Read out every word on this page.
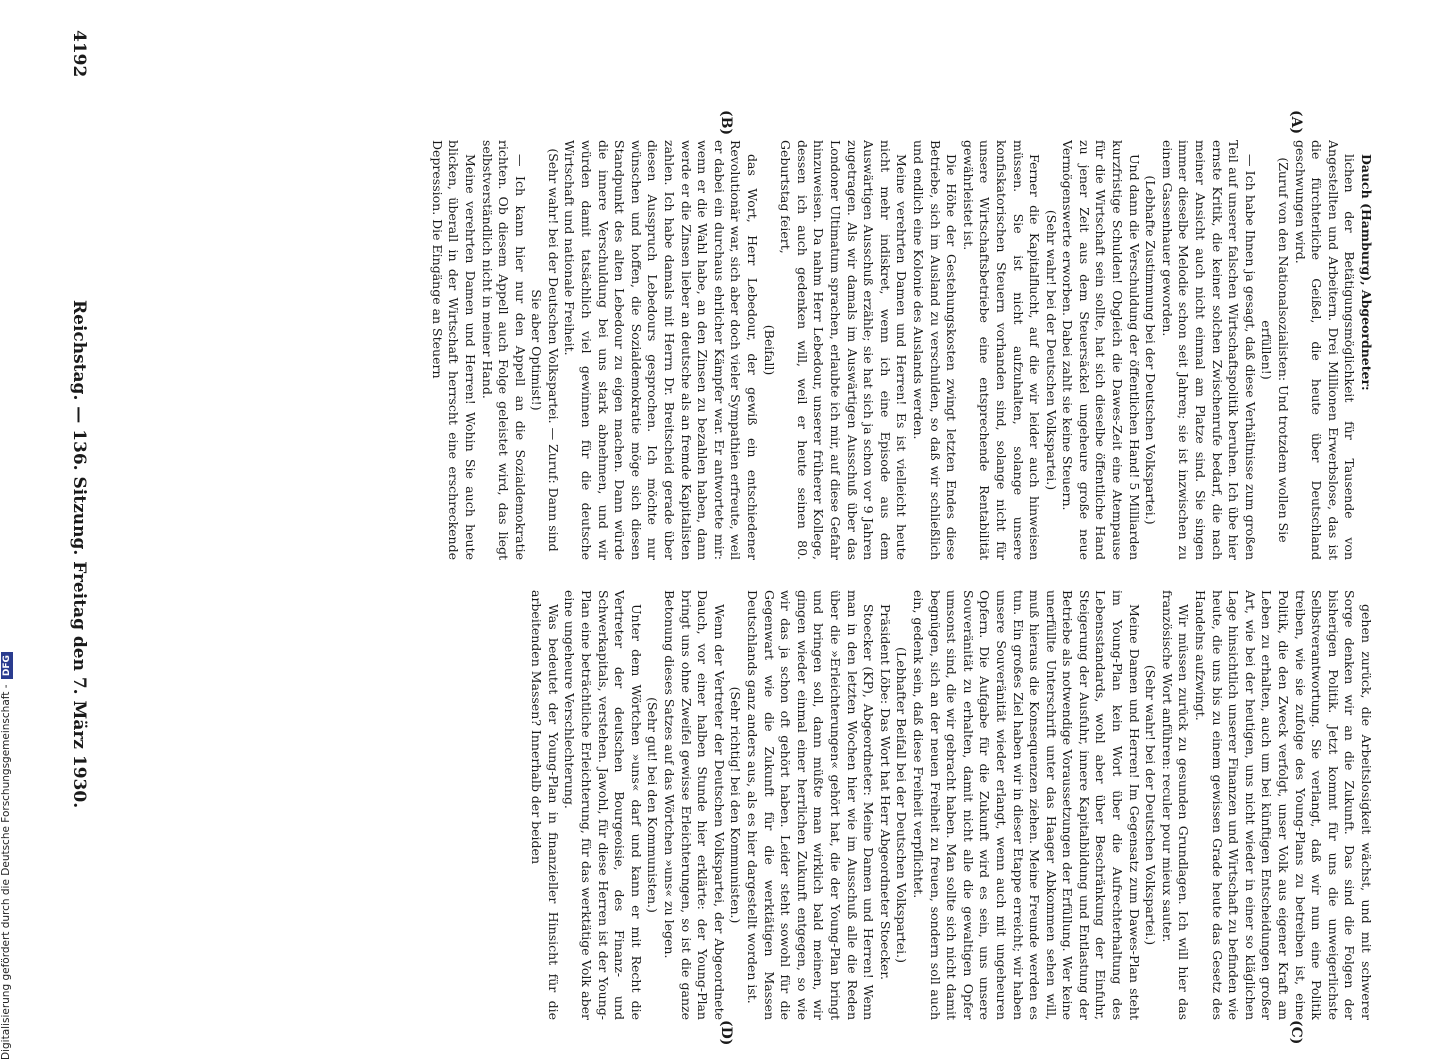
4192
Reichstag. — 136. Sitzung. Freitag den 7. März 1930.
(A)
(B)
(C)
(D)

Dauch (Hamburg), Abgeordneter:

lichen der Betätigungsmöglichkeit für Tausende von Angestellten und Arbeitern. Drei Millionen Erwerbslose, das ist die fürchterliche Geißel, die heute über Deutschland geschwungen wird.

(Zuruf von den Nationalsozialisten: Und trotzdem wollen Sie erfüllen!)

— Ich habe Ihnen ja gesagt, daß diese Verhältnisse zum großen Teil auf unserer falschen Wirtschaftspolitik beruhen. Ich übe hier ernste Kritik, die keiner solchen Zwischenrufe bedarf, die nach meiner Ansicht auch nicht einmal am Platze sind. Sie singen immer dieselbe Melodie schon seit Jahren; sie ist inzwischen zu einem Gassenhauer geworden.

(Lebhafte Zustimmung bei der Deutschen Volkspartei.)

Und dann die Verschuldung der öffentlichen Hand! 5 Milliarden kurzfristige Schulden! Obgleich die Dawes-Zeit eine Atempause für die Wirtschaft sein sollte, hat sich dieselbe öffentliche Hand zu jener Zeit aus dem Steuersäckel ungeheure große neue Vermögenswerte erworben. Dabei zahlt sie keine Steuern.

(Sehr wahr! bei der Deutschen Volkspartei.)

Ferner die Kapitalflucht, auf die wir leider auch hinweisen müssen. Sie ist nicht aufzuhalten, solange unsere konfiskatorischen Steuern vorhanden sind, solange nicht für unsere Wirtschaftsbetriebe eine entsprechende Rentabilität gewährleistet ist.

Die Höhe der Gestehungskosten zwingt letzten Endes diese Betriebe, sich im Ausland zu verschulden, so daß wir schließlich und endlich eine Kolonie des Auslands werden.

Meine verehrten Damen und Herren! Es ist vielleicht heute nicht mehr indiskret, wenn ich eine Episode aus dem Auswärtigen Ausschuß erzähle; sie hat sich ja schon vor 9 Jahren zugetragen. Als wir damals im Auswärtigen Ausschuß über das Londoner Ultimatum sprachen, erlaubte ich mir, auf diese Gefahr hinzuweisen. Da nahm Herr Lebedour, unserer früherer Kollege, dessen ich auch gedenken will, weil er heute seinen 80. Geburtstag feiert,

(Beifall)

das Wort, Herr Lebedour, der gewiß ein entschiedener Revolutionär war, sich aber doch vieler Sympathien erfreute, weil er dabei ein durchaus ehrlicher Kämpfer war. Er antwortete mir: wenn er die Wahl habe, an den Zinsen zu bezahlen haben, dann werde er die Zinsen lieber an deutsche als an fremde Kapitalisten zahlen. Ich habe damals mit Herrn Dr. Breitscheid gerade über diesen Ausspruch Lebedours gesprochen. Ich möchte nur wünschen und hoffen, die Sozialdemokratie möge sich diesen Standpunkt des alten Lebedour zu eigen machen. Dann würde die innere Verschuldung bei uns stark abnehmen, und wir würden damit tatsächlich viel gewinnen für die deutsche Wirtschaft und nationale Freiheit.

(Sehr wahr! bei der Deutschen Volkspartei. — Zuruf: Dann sind Sie aber Optimist!)

— Ich kann hier nur den Appell an die Sozialdemokratie richten. Ob diesem Appell auch Folge geleistet wird, das liegt selbstverständlich nicht in meiner Hand.

Meine verehrten Damen und Herren! Wohin Sie auch heute blicken, überall in der Wirtschaft herrscht eine erschreckende Depression. Die Eingänge an Steuern

gehen zurück, die Arbeitslosigkeit wächst, und mit schwerer Sorge denken wir an die Zukunft. Das sind die Folgen der bisherigen Politik. Jetzt kommt für uns die unweigerlichste Selbstverantwortung. Sie verlangt, daß wir nun eine Politik treiben, wie sie zufolge des Young-Plans zu betreiben ist, eine Politik, die den Zweck verfolgt, unser Volk aus eigener Kraft am Leben zu erhalten, auch um bei künftigen Entscheidungen großer Art, wie bei der heutigen, uns nicht wieder in einer so kläglichen Lage hinsichtlich unserer Finanzen und Wirtschaft zu befinden wie heute, die uns bis zu einem gewissen Grade heute das Gesetz des Handelns aufzwingt.

Wir müssen zurück zu gesunden Grundlagen. Ich will hier das französische Wort anführen: reculer pour mieux sauter.

(Sehr wahr! bei der Deutschen Volkspartei.)

Meine Damen und Herren! Im Gegensatz zum Dawes-Plan steht im Young-Plan kein Wort über die Aufrechterhaltung des Lebensstandards, wohl aber über Beschränkung der Einfuhr, Steigerung der Ausfuhr, innere Kapitalbildung und Entlastung der Betriebe als notwendige Voraussetzungen der Erfüllung. Wer keine unerfüllte Unterschrift unter das Haager Abkommen sehen will, muß hieraus die Konsequenzen ziehen. Meine Freunde werden es tun. Ein großes Ziel haben wir in dieser Etappe erreicht; wir haben unsere Souveränität wieder erlangt, wenn auch mit ungeheuren Opfern. Die Aufgabe für die Zukunft wird es sein, uns unsere Souveränität zu erhalten, damit nicht alle die gewaltigen Opfer umsonst sind, die wir gebracht haben. Man sollte sich nicht damit begnügen, sich an der neuen Freiheit zu freuen, sondern soll auch ein, gedenk sein, daß diese Freiheit verpflichtet.

(Lebhafter Beifall bei der Deutschen Volkspartei.)

Präsident Löbe: Das Wort hat Herr Abgeordneter Stoecker.

Stoecker (KP), Abgeordneter: Meine Damen und Herren! Wenn man in den letzten Wochen hier wie im Ausschuß alle die Reden über die »Erleichterungen« gehört hat, die der Young-Plan bringt und bringen soll, dann müßte man wirklich bald meinen, wir gingen wieder einmal einer herrlichen Zukunft entgegen, so wie wir das ja schon oft gehört haben. Leider steht sowohl für die Gegenwart wie die Zukunft für die werktätigen Massen Deutschlands ganz anders aus, als es hier dargestellt worden ist.

(Sehr richtig! bei den Kommunisten.)

Wenn der Vertreter der Deutschen Volkspartei, der Abgeordnete Dauch, vor einer halben Stunde hier erklärte: der Young-Plan bringt uns ohne Zweifel gewisse Erleichterungen, so ist die ganze Betonung dieses Satzes auf das Wörtchen »uns« zu legen.

(Sehr gut! bei den Kommunisten.)

Unter dem Wörtchen »uns« darf und kann er mit Recht die Vertreter der deutschen Bourgeoisie, des Finanz- und Schwerkapitals, verstehen. Jawohl, für diese Herren ist der Young-Plan eine beträchtliche Erleichterung, für das werktätige Volk aber eine ungeheure Verschlechterung.

Was bedeutet der Young-Plan in finanzieller Hinsicht für die arbeitenden Massen? Innerhalb der beiden

Digitalisierung gefördert durch die Deutsche Forschungsgemeinschaft - DFG
